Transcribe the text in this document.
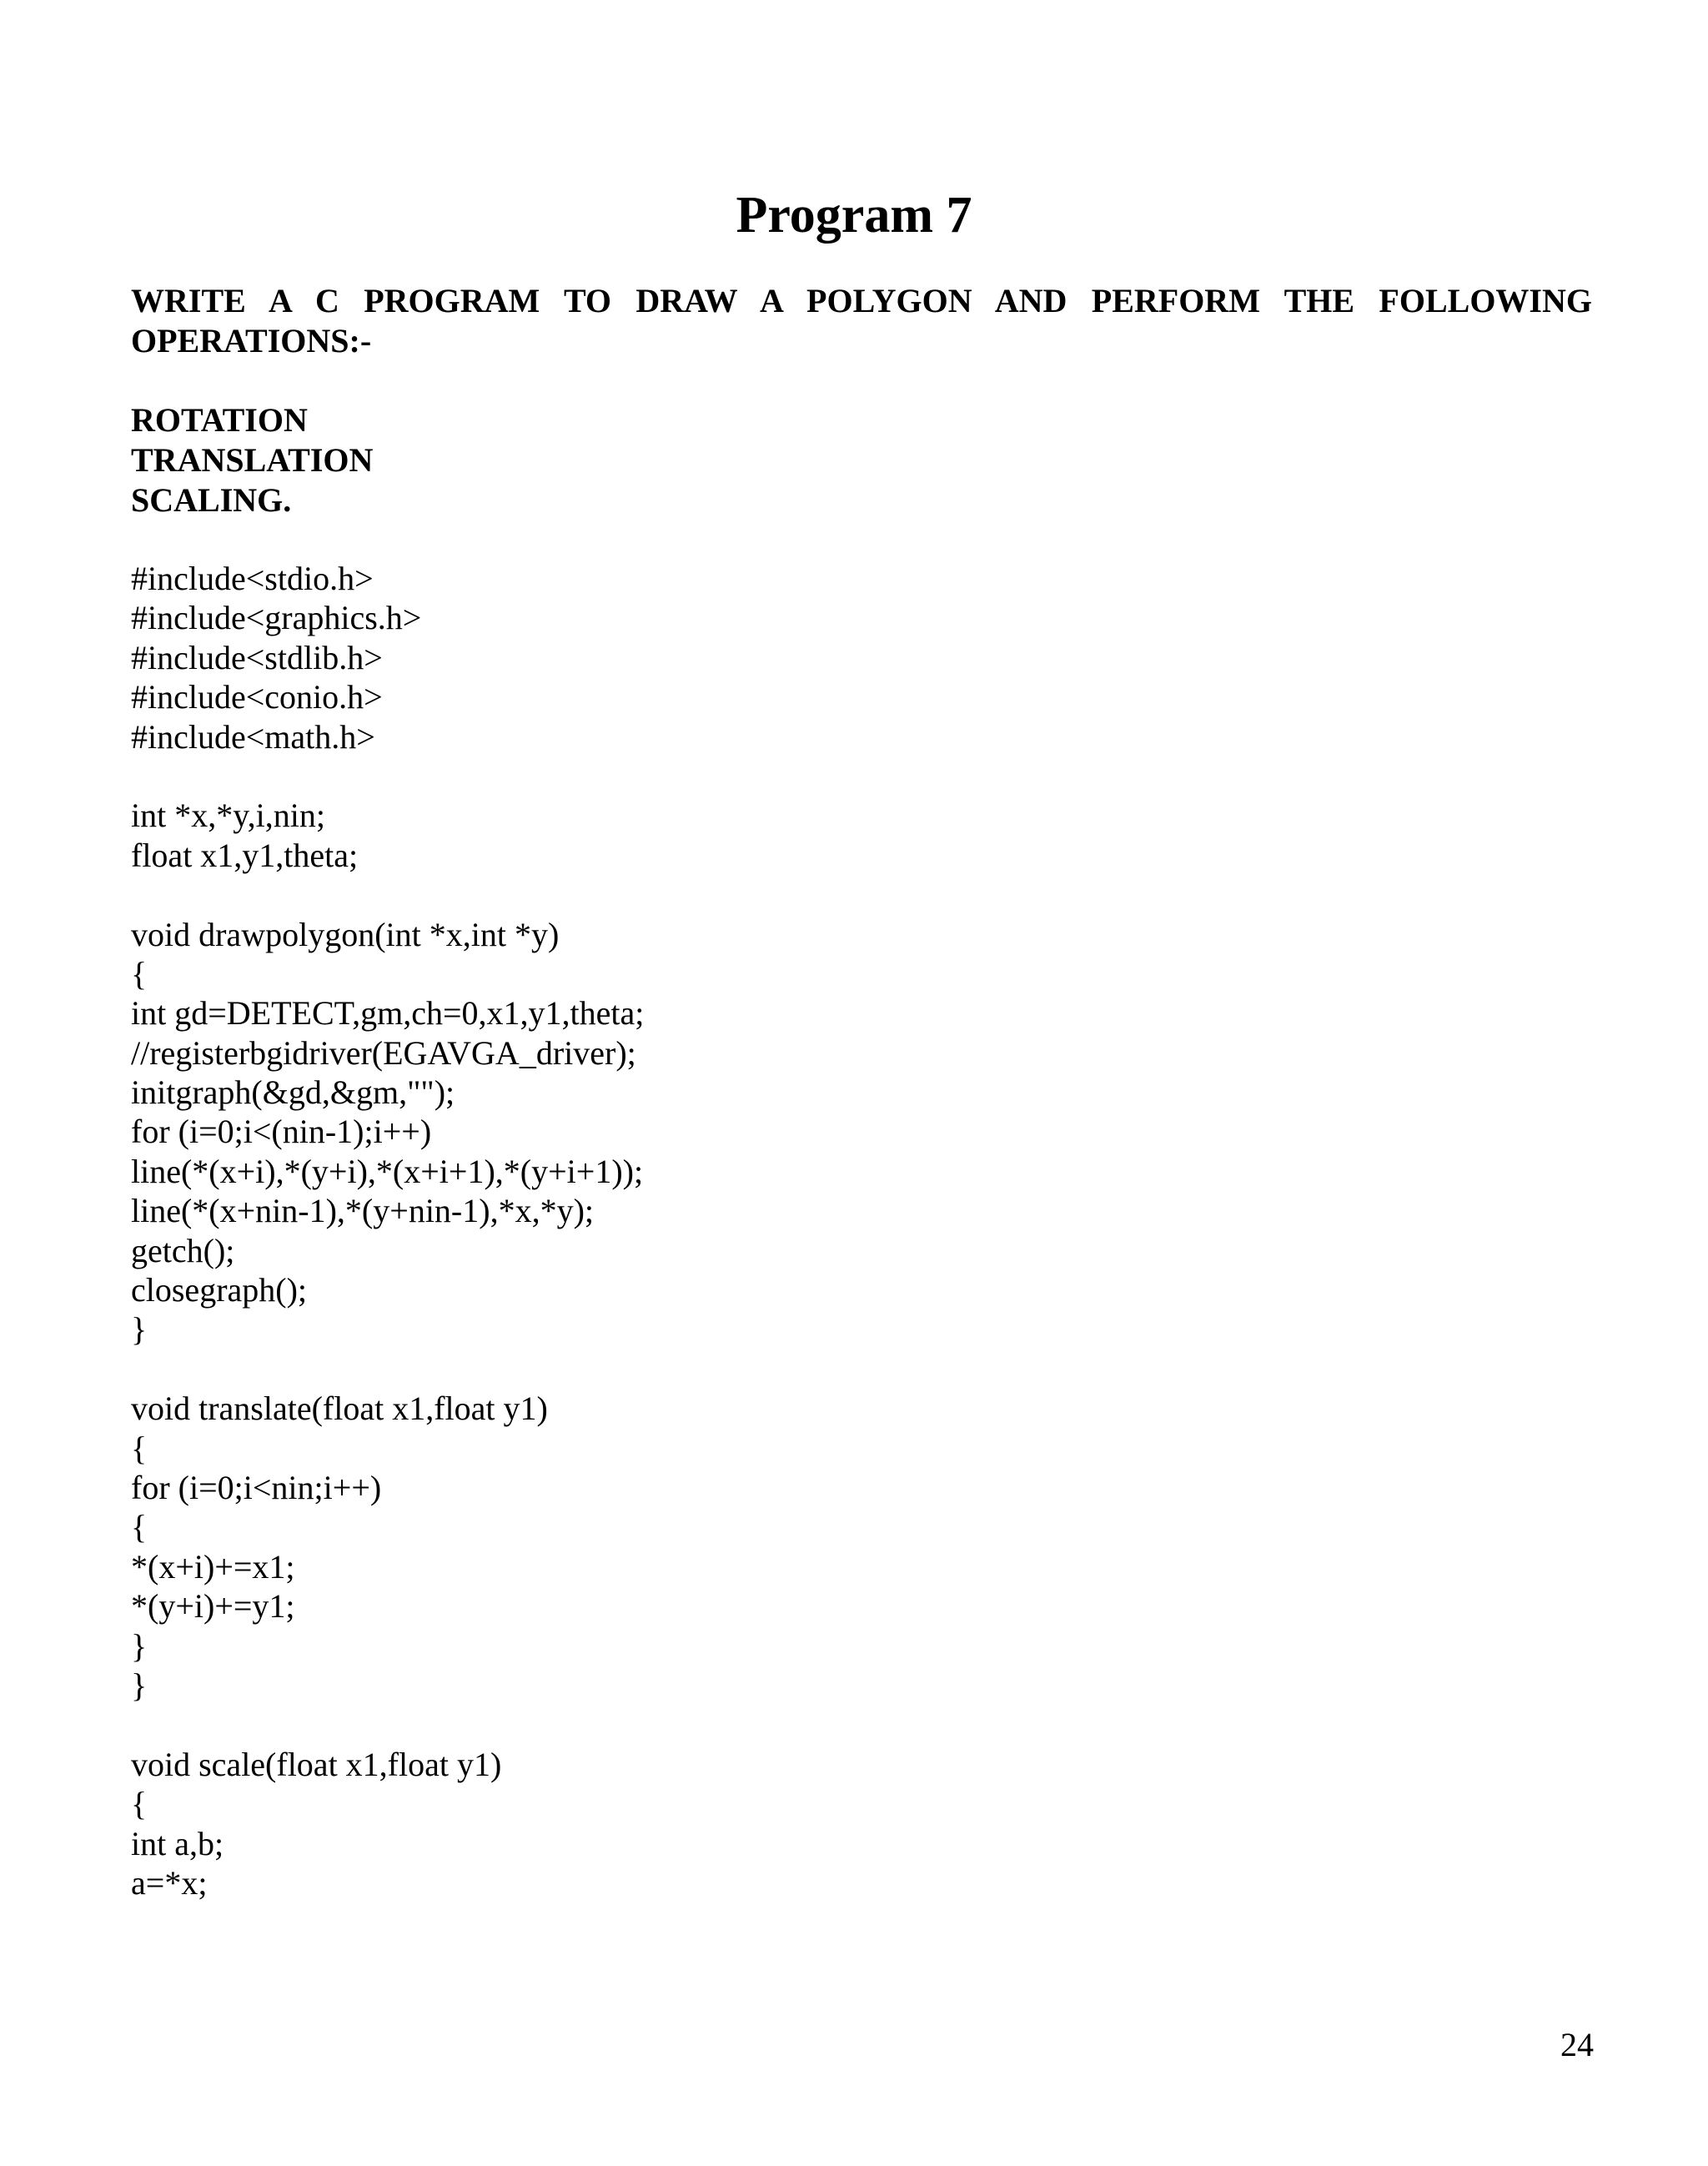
Program 7
WRITE A C PROGRAM TO DRAW A POLYGON AND PERFORM THE FOLLOWING
OPERATIONS:-
ROTATION
TRANSLATION
SCALING.
#include<stdio.h>
#include<graphics.h>
#include<stdlib.h>
#include<conio.h>
#include<math.h>
int *x,*y,i,nin;
float x1,y1,theta;
void drawpolygon(int *x,int *y)
{
int gd=DETECT,gm,ch=0,x1,y1,theta;
//registerbgidriver(EGAVGA_driver);
initgraph(&gd,&gm,"");
for (i=0;i<(nin-1);i++)
line(*(x+i),*(y+i),*(x+i+1),*(y+i+1));
line(*(x+nin-1),*(y+nin-1),*x,*y);
getch();
closegraph();
}
void translate(float x1,float y1)
{
for (i=0;i<nin;i++)
{
*(x+i)+=x1;
*(y+i)+=y1;
}
}
void scale(float x1,float y1)
{
int a,b;
a=*x;
24
